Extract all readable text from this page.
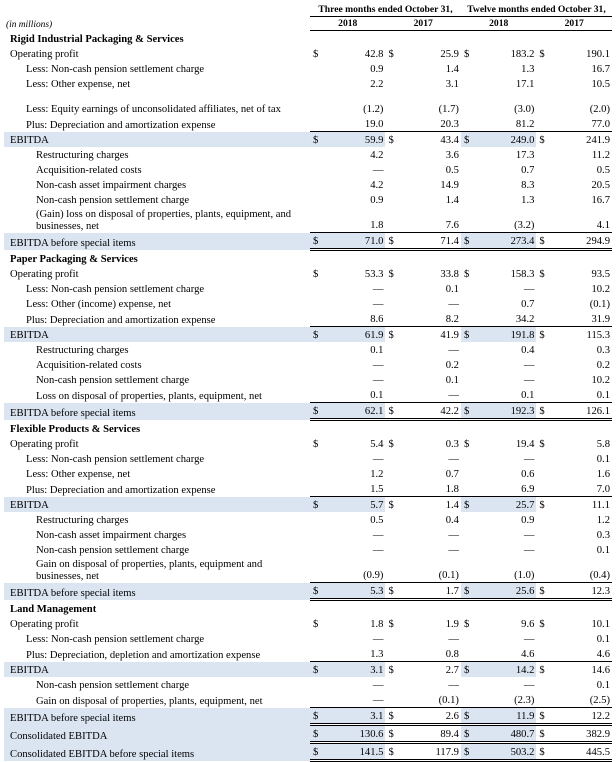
	Three months ended October 31,				Twelve months ended October 31,			
(in millions)	2018		2017		2018		2017	
Rigid Industrial Packaging & Services								
Operating profit	$	42.8	$	25.9	$	183.2	$	190.1
Less: Non-cash pension settlement charge		0.9		1.4		1.3		16.7
Less: Other expense, net		2.2		3.1		17.1		10.5
Less: Equity earnings of unconsolidated affiliates, net of tax		(1.2)		(1.7)		(3.0)		(2.0)
Plus: Depreciation and amortization expense		19.0		20.3		81.2		77.0
EBITDA	$	59.9	$	43.4	$	249.0	$	241.9
Restructuring charges		4.2		3.6		17.3		11.2
Acquisition-related costs		—		0.5		0.7		0.5
Non-cash asset impairment charges		4.2		14.9		8.3		20.5
Non-cash pension settlement charge		0.9		1.4		1.3		16.7
(Gain) loss on disposal of properties, plants, equipment, and businesses, net		1.8		7.6		(3.2)		4.1
EBITDA before special items	$	71.0	$	71.4	$	273.4	$	294.9
Paper Packaging & Services								
Operating profit	$	53.3	$	33.8	$	158.3	$	93.5
Less: Non-cash pension settlement charge		—		0.1		—		10.2
Less: Other (income) expense, net		—		—		0.7		(0.1)
Plus: Depreciation and amortization expense		8.6		8.2		34.2		31.9
EBITDA	$	61.9	$	41.9	$	191.8	$	115.3
Restructuring charges		0.1		—		0.4		0.3
Acquisition-related costs		—		0.2		—		0.2
Non-cash pension settlement charge		—		0.1		—		10.2
Loss on disposal of properties, plants, equipment, net		0.1		—		0.1		0.1
EBITDA before special items	$	62.1	$	42.2	$	192.3	$	126.1
Flexible Products & Services								
Operating profit	$	5.4	$	0.3	$	19.4	$	5.8
Less: Non-cash pension settlement charge		—		—		—		0.1
Less: Other expense, net		1.2		0.7		0.6		1.6
Plus: Depreciation and amortization expense		1.5		1.8		6.9		7.0
EBITDA	$	5.7	$	1.4	$	25.7	$	11.1
Restructuring charges		0.5		0.4		0.9		1.2
Non-cash asset impairment charges		—		—		—		0.3
Non-cash pension settlement charge		—		—		—		0.1
Gain on disposal of properties, plants, equipment and businesses, net		(0.9)		(0.1)		(1.0)		(0.4)
EBITDA before special items	$	5.3	$	1.7	$	25.6	$	12.3
Land Management								
Operating profit	$	1.8	$	1.9	$	9.6	$	10.1
Less: Non-cash pension settlement charge		—		—		—		0.1
Plus: Depreciation, depletion and amortization expense		1.3		0.8		4.6		4.6
EBITDA	$	3.1	$	2.7	$	14.2	$	14.6
Non-cash pension settlement charge		—		—		—		0.1
Gain on disposal of properties, plants, equipment, net		—		(0.1)		(2.3)		(2.5)
EBITDA before special items	$	3.1	$	2.6	$	11.9	$	12.2
Consolidated EBITDA	$	130.6	$	89.4	$	480.7	$	382.9
Consolidated EBITDA before special items	$	141.5	$	117.9	$	503.2	$	445.5
